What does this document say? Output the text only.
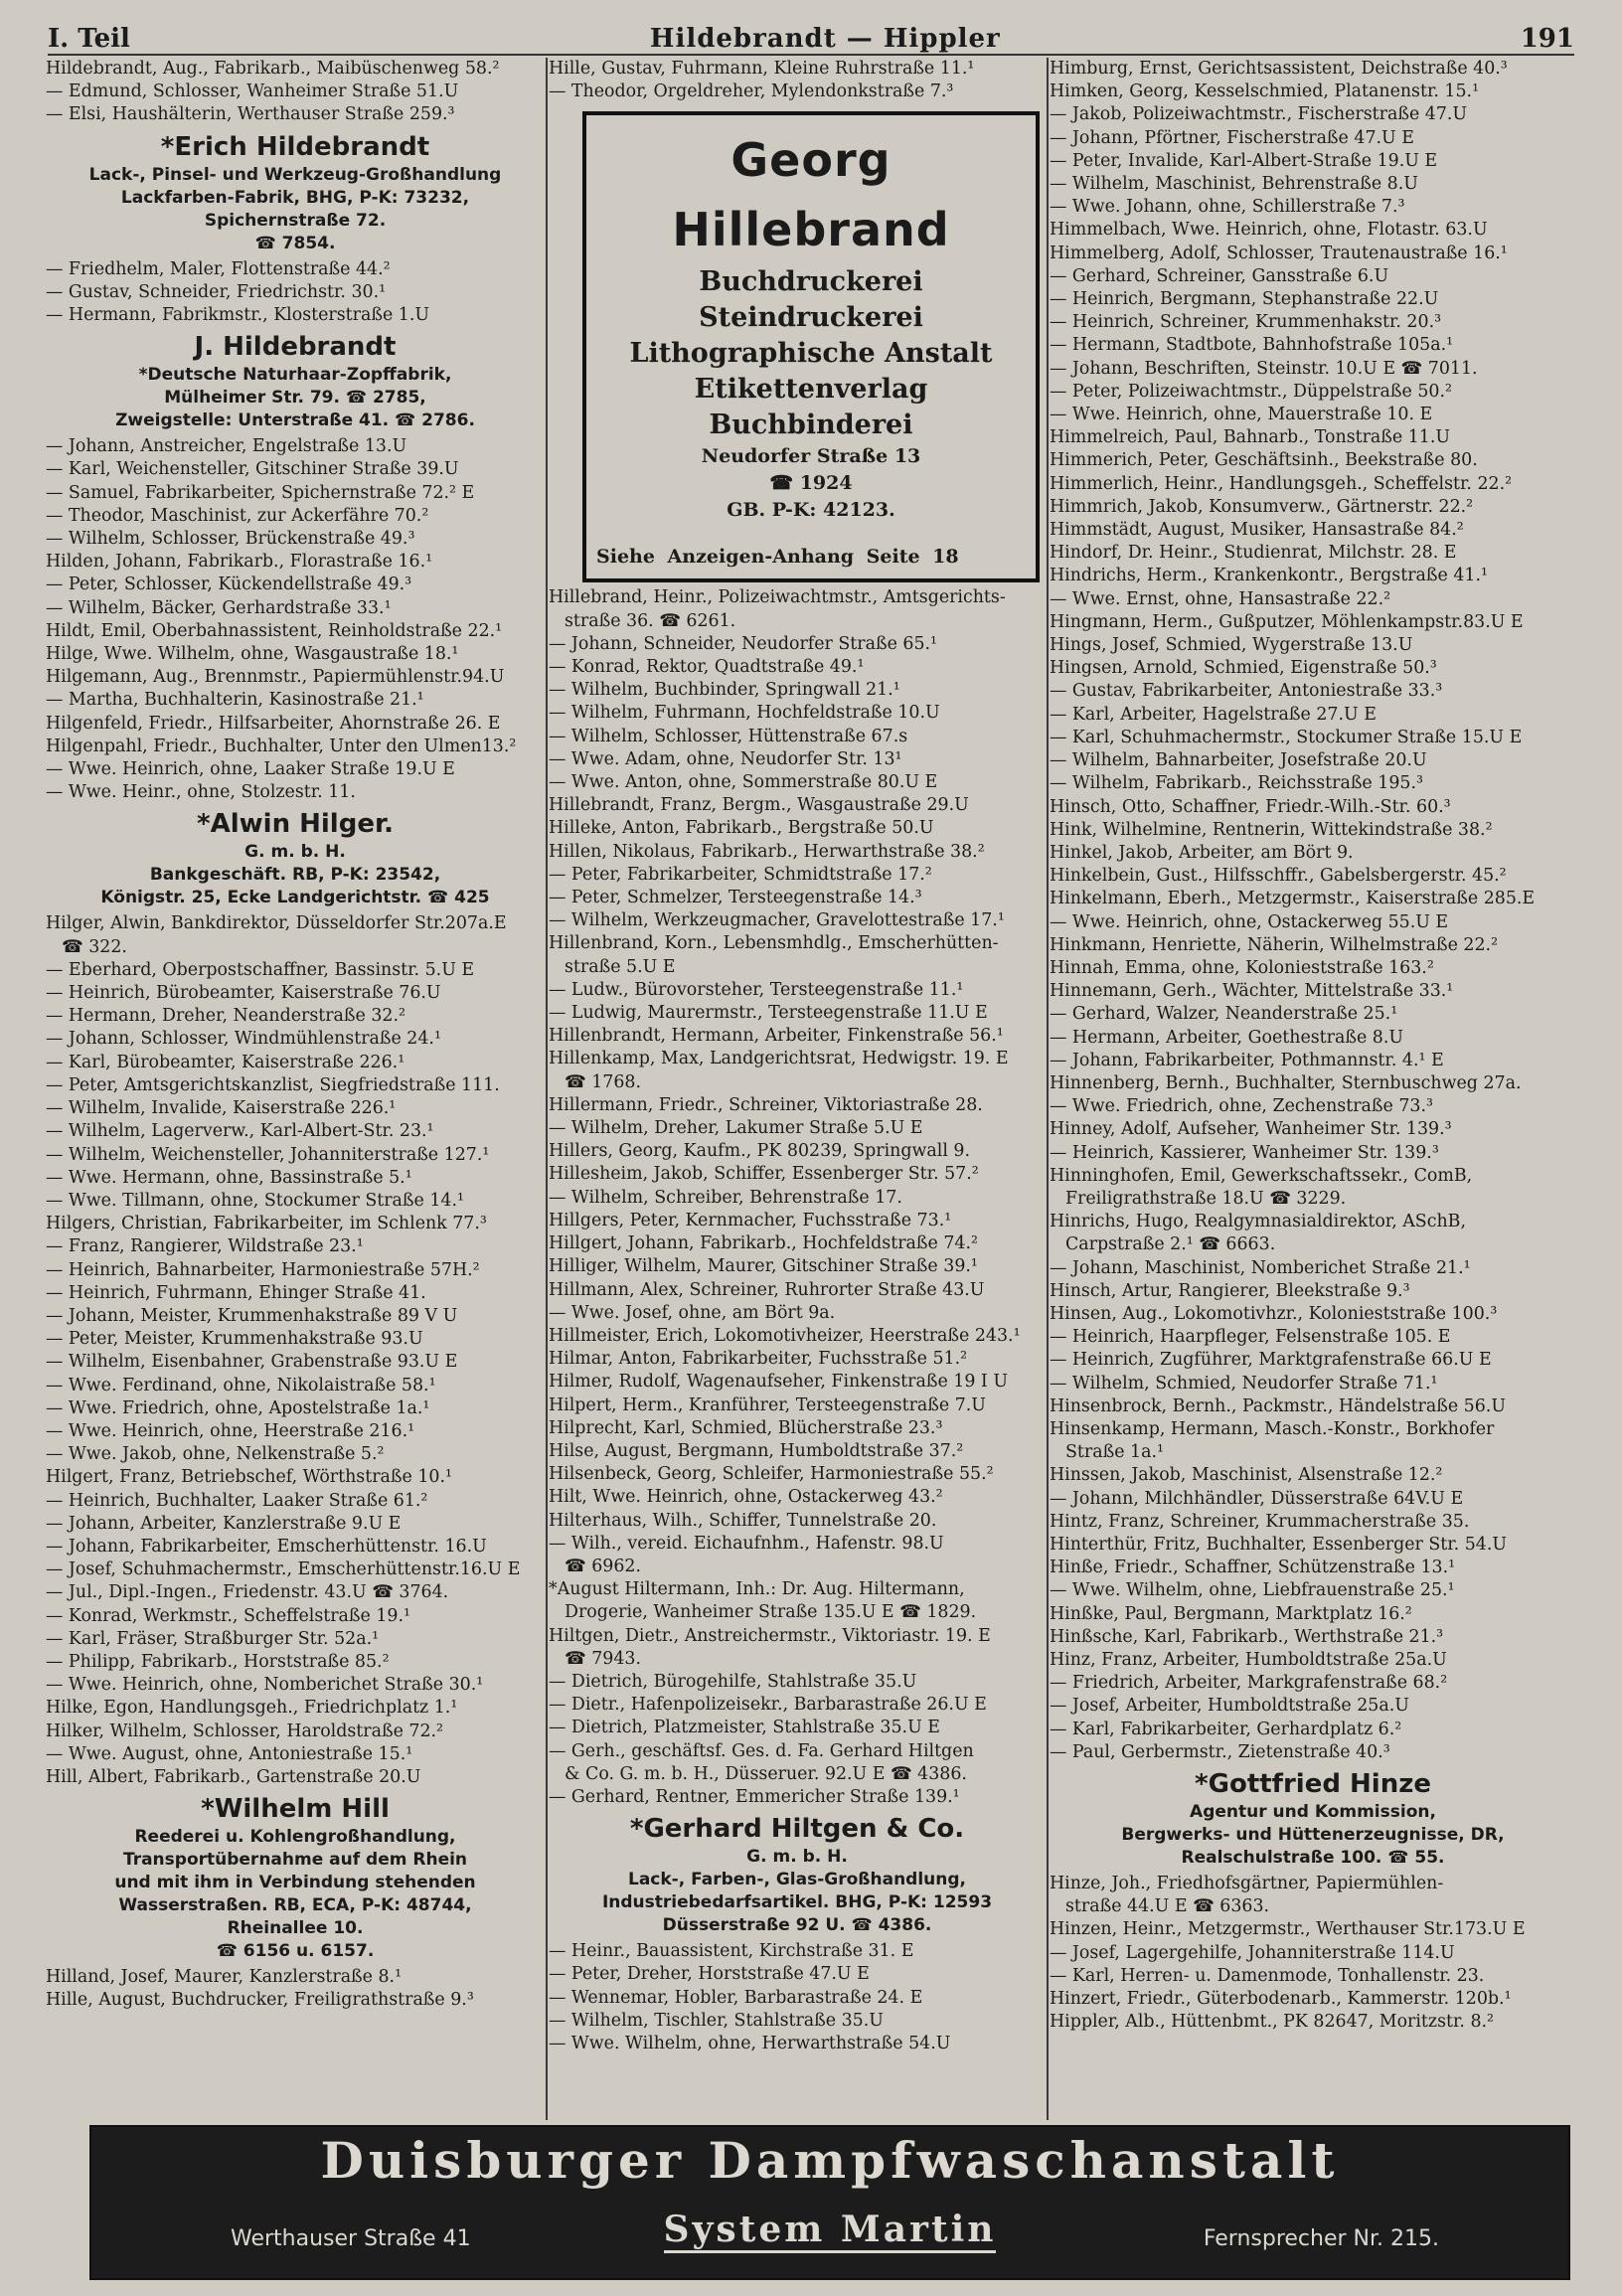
I. Teil	Hildebrandt — Hippler	191
Hildebrandt, Aug., Fabrikarb., Maibüschenweg 58.²
— Edmund, Schlosser, Wanheimer Straße 51.U
— Elsi, Haushälterin, Werthauser Straße 259.³
*Erich Hildebrandt
Lack-, Pinsel- und Werkzeug-Großhandlung
Lackfarben-Fabrik, BHG, P-K: 73232,
Spichernstraße 72.
☎ 7854.
— Friedhelm, Maler, Flottenstraße 44.²
— Gustav, Schneider, Friedrichstr. 30.¹
— Hermann, Fabrikmstr., Klosterstraße 1.U
J. Hildebrandt
*Deutsche Naturhaar-Zopffabrik,
Mülheimer Str. 79. ☎ 2785,
Zweigstelle: Unterstraße 41. ☎ 2786.
— Johann, Anstreicher, Engelstraße 13.U
— Karl, Weichensteller, Gitschiner Straße 39.U
— Samuel, Fabrikarbeiter, Spichernstraße 72.² E
— Theodor, Maschinist, zur Ackerfähre 70.²
— Wilhelm, Schlosser, Brückenstraße 49.³
Hilden, Johann, Fabrikarb., Florastraße 16.¹
— Peter, Schlosser, Kückendellstraße 49.³
— Wilhelm, Bäcker, Gerhardstraße 33.¹
Hildt, Emil, Oberbahnassistent, Reinholdstraße 22.¹
Hilge, Wwe. Wilhelm, ohne, Wasgaustraße 18.¹
Hilgemann, Aug., Brennmstr., Papiermühlenstr.94.U
— Martha, Buchhalterin, Kasinostraße 21.¹
Hilgenfeld, Friedr., Hilfsarbeiter, Ahornstraße 26. E
Hilgenpahl, Friedr., Buchhalter, Unter den Ulmen13.²
— Wwe. Heinrich, ohne, Laaker Straße 19.U E
— Wwe. Heinr., ohne, Stolzestr. 11.
*Alwin Hilger.
G. m. b. H.
Bankgeschäft. RB, P-K: 23542,
Königstr. 25, Ecke Landgerichtstr. ☎ 425
Hilger, Alwin, Bankdirektor, Düsseldorfer Str.207a.E
☎ 322.
— Eberhard, Oberpostschaffner, Bassinstr. 5.U E
— Heinrich, Bürobeamter, Kaiserstraße 76.U
— Hermann, Dreher, Neanderstraße 32.²
— Johann, Schlosser, Windmühlenstraße 24.¹
— Karl, Bürobeamter, Kaiserstraße 226.¹
— Peter, Amtsgerichtskanzlist, Siegfriedstraße 111.
— Wilhelm, Invalide, Kaiserstraße 226.¹
— Wilhelm, Lagerverw., Karl-Albert-Str. 23.¹
— Wilhelm, Weichensteller, Johanniterstraße 127.¹
— Wwe. Hermann, ohne, Bassinstraße 5.¹
— Wwe. Tillmann, ohne, Stockumer Straße 14.¹
Hilgers, Christian, Fabrikarbeiter, im Schlenk 77.³
— Franz, Rangierer, Wildstraße 23.¹
— Heinrich, Bahnarbeiter, Harmoniestraße 57H.²
— Heinrich, Fuhrmann, Ehinger Straße 41.
— Johann, Meister, Krummenhakstraße 89 V U
— Peter, Meister, Krummenhakstraße 93.U
— Wilhelm, Eisenbahner, Grabenstraße 93.U E
— Wwe. Ferdinand, ohne, Nikolaistraße 58.¹
— Wwe. Friedrich, ohne, Apostelstraße 1a.¹
— Wwe. Heinrich, ohne, Heerstraße 216.¹
— Wwe. Jakob, ohne, Nelkenstraße 5.²
Hilgert, Franz, Betriebschef, Wörthstraße 10.¹
— Heinrich, Buchhalter, Laaker Straße 61.²
— Johann, Arbeiter, Kanzlerstraße 9.U E
— Johann, Fabrikarbeiter, Emscherhüttenstr. 16.U
— Josef, Schuhmachermstr., Emscherhüttenstr.16.U E
— Jul., Dipl.-Ingen., Friedenstr. 43.U ☎ 3764.
— Konrad, Werkmstr., Scheffelstraße 19.¹
— Karl, Fräser, Straßburger Str. 52a.¹
— Philipp, Fabrikarb., Horststraße 85.²
— Wwe. Heinrich, ohne, Nomberichet Straße 30.¹
Hilke, Egon, Handlungsgeh., Friedrichplatz 1.¹
Hilker, Wilhelm, Schlosser, Haroldstraße 72.²
— Wwe. August, ohne, Antoniestraße 15.¹
Hill, Albert, Fabrikarb., Gartenstraße 20.U
*Wilhelm Hill
Reederei u. Kohlengroßhandlung,
Transportübernahme auf dem Rhein
und mit ihm in Verbindung stehenden
Wasserstraßen. RB, ECA, P-K: 48744,
Rheinallee 10.
☎ 6156 u. 6157.
Hilland, Josef, Maurer, Kanzlerstraße 8.¹
Hille, August, Buchdrucker, Freiligrathstraße 9.³
Hille, Gustav, Fuhrmann, Kleine Ruhrstraße 11.¹
— Theodor, Orgeldreher, Mylendonkstraße 7.³
Georg Hillebrand
Buchdruckerei
Steindruckerei
Lithographische Anstalt
Etikettenverlag
Buchbinderei
Neudorfer Straße 13
☎ 1924
GB. P-K: 42123.
Siehe Anzeigen-Anhang Seite 18
Hillebrand, Heinr., Polizeiwachtmstr., Amtsgerichts-
straße 36. ☎ 6261.
— Johann, Schneider, Neudorfer Straße 65.¹
— Konrad, Rektor, Quadtstraße 49.¹
— Wilhelm, Buchbinder, Springwall 21.¹
— Wilhelm, Fuhrmann, Hochfeldstraße 10.U
— Wilhelm, Schlosser, Hüttenstraße 67.s
— Wwe. Adam, ohne, Neudorfer Str. 13¹
— Wwe. Anton, ohne, Sommerstraße 80.U E
Hillebrandt, Franz, Bergm., Wasgaustraße 29.U
Hilleke, Anton, Fabrikarb., Bergstraße 50.U
Hillen, Nikolaus, Fabrikarb., Herwarthstraße 38.²
— Peter, Fabrikarbeiter, Schmidtstraße 17.²
— Peter, Schmelzer, Tersteegenstraße 14.³
— Wilhelm, Werkzeugmacher, Gravelottestraße 17.¹
Hillenbrand, Korn., Lebensmhdlg., Emscherhütten-
straße 5.U E
— Ludw., Bürovorsteher, Tersteegenstraße 11.¹
— Ludwig, Maurermstr., Tersteegenstraße 11.U E
Hillenbrandt, Hermann, Arbeiter, Finkenstraße 56.¹
Hillenkamp, Max, Landgerichtsrat, Hedwigstr. 19. E
☎ 1768.
Hillermann, Friedr., Schreiner, Viktoriastraße 28.
— Wilhelm, Dreher, Lakumer Straße 5.U E
Hillers, Georg, Kaufm., PK 80239, Springwall 9.
Hillesheim, Jakob, Schiffer, Essenberger Str. 57.²
— Wilhelm, Schreiber, Behrenstraße 17.
Hillgers, Peter, Kernmacher, Fuchsstraße 73.¹
Hillgert, Johann, Fabrikarb., Hochfeldstraße 74.²
Hilliger, Wilhelm, Maurer, Gitschiner Straße 39.¹
Hillmann, Alex, Schreiner, Ruhrorter Straße 43.U
— Wwe. Josef, ohne, am Bört 9a.
Hillmeister, Erich, Lokomotivheizer, Heerstraße 243.¹
Hilmar, Anton, Fabrikarbeiter, Fuchsstraße 51.²
Hilmer, Rudolf, Wagenaufseher, Finkenstraße 19 I U
Hilpert, Herm., Kranführer, Tersteegenstraße 7.U
Hilprecht, Karl, Schmied, Blücherstraße 23.³
Hilse, August, Bergmann, Humboldtstraße 37.²
Hilsenbeck, Georg, Schleifer, Harmoniestraße 55.²
Hilt, Wwe. Heinrich, ohne, Ostackerweg 43.²
Hilterhaus, Wilh., Schiffer, Tunnelstraße 20.
— Wilh., vereid. Eichaufnhm., Hafenstr. 98.U
☎ 6962.
*August Hiltermann, Inh.: Dr. Aug. Hiltermann,
Drogerie, Wanheimer Straße 135.U E ☎ 1829.
Hiltgen, Dietr., Anstreichermstr., Viktoriastr. 19. E
☎ 7943.
— Dietrich, Bürogehilfe, Stahlstraße 35.U
— Dietr., Hafenpolizeisekr., Barbarastraße 26.U E
— Dietrich, Platzmeister, Stahlstraße 35.U E
— Gerh., geschäftsf. Ges. d. Fa. Gerhard Hiltgen
& Co. G. m. b. H., Düsseruer. 92.U E ☎ 4386.
— Gerhard, Rentner, Emmericher Straße 139.¹
*Gerhard Hiltgen & Co.
G. m. b. H.
Lack-, Farben-, Glas-Großhandlung,
Industriebedarfsartikel. BHG, P-K: 12593
Düsserstraße 92 U. ☎ 4386.
— Heinr., Bauassistent, Kirchstraße 31. E
— Peter, Dreher, Horststraße 47.U E
— Wennemar, Hobler, Barbarastraße 24. E
— Wilhelm, Tischler, Stahlstraße 35.U
— Wwe. Wilhelm, ohne, Herwarthstraße 54.U
Himburg, Ernst, Gerichtsassistent, Deichstraße 40.³
Himken, Georg, Kesselschmied, Platanenstr. 15.¹
— Jakob, Polizeiwachtmstr., Fischerstraße 47.U
— Johann, Pförtner, Fischerstraße 47.U E
— Peter, Invalide, Karl-Albert-Straße 19.U E
— Wilhelm, Maschinist, Behrenstraße 8.U
— Wwe. Johann, ohne, Schillerstraße 7.³
Himmelbach, Wwe. Heinrich, ohne, Flotastr. 63.U
Himmelberg, Adolf, Schlosser, Trautenaustraße 16.¹
— Gerhard, Schreiner, Gansstraße 6.U
— Heinrich, Bergmann, Stephanstraße 22.U
— Heinrich, Schreiner, Krummenhakstr. 20.³
— Hermann, Stadtbote, Bahnhofstraße 105a.¹
— Johann, Beschriften, Steinstr. 10.U E ☎ 7011.
— Peter, Polizeiwachtmstr., Düppelstraße 50.²
— Wwe. Heinrich, ohne, Mauerstraße 10. E
Himmelreich, Paul, Bahnarb., Tonstraße 11.U
Himmerich, Peter, Geschäftsinh., Beekstraße 80.
Himmerlich, Heinr., Handlungsgeh., Scheffelstr. 22.²
Himmrich, Jakob, Konsumverw., Gärtnerstr. 22.²
Himmstädt, August, Musiker, Hansastraße 84.²
Hindorf, Dr. Heinr., Studienrat, Milchstr. 28. E
Hindrichs, Herm., Krankenkontr., Bergstraße 41.¹
— Wwe. Ernst, ohne, Hansastraße 22.²
Hingmann, Herm., Gußputzer, Möhlenkampstr.83.U E
Hings, Josef, Schmied, Wygerstraße 13.U
Hingsen, Arnold, Schmied, Eigenstraße 50.³
— Gustav, Fabrikarbeiter, Antoniestraße 33.³
— Karl, Arbeiter, Hagelstraße 27.U E
— Karl, Schuhmachermstr., Stockumer Straße 15.U E
— Wilhelm, Bahnarbeiter, Josefstraße 20.U
— Wilhelm, Fabrikarb., Reichsstraße 195.³
Hinsch, Otto, Schaffner, Friedr.-Wilh.-Str. 60.³
Hink, Wilhelmine, Rentnerin, Wittekindstraße 38.²
Hinkel, Jakob, Arbeiter, am Bört 9.
Hinkelbein, Gust., Hilfsschffr., Gabelsbergerstr. 45.²
Hinkelmann, Eberh., Metzgermstr., Kaiserstraße 285.E
— Wwe. Heinrich, ohne, Ostackerweg 55.U E
Hinkmann, Henriette, Näherin, Wilhelmstraße 22.²
Hinnah, Emma, ohne, Kolonieststraße 163.²
Hinnemann, Gerh., Wächter, Mittelstraße 33.¹
— Gerhard, Walzer, Neanderstraße 25.¹
— Hermann, Arbeiter, Goethestraße 8.U
— Johann, Fabrikarbeiter, Pothmannstr. 4.¹ E
Hinnenberg, Bernh., Buchhalter, Sternbuschweg 27a.
— Wwe. Friedrich, ohne, Zechenstraße 73.³
Hinney, Adolf, Aufseher, Wanheimer Str. 139.³
— Heinrich, Kassierer, Wanheimer Str. 139.³
Hinninghofen, Emil, Gewerkschaftssekr., ComB,
Freiligrathstraße 18.U ☎ 3229.
Hinrichs, Hugo, Realgymnasialdirektor, ASchB,
Carpstraße 2.¹ ☎ 6663.
— Johann, Maschinist, Nomberichet Straße 21.¹
Hinsch, Artur, Rangierer, Bleekstraße 9.³
Hinsen, Aug., Lokomotivhzr., Kolonieststraße 100.³
— Heinrich, Haarpfleger, Felsenstraße 105. E
— Heinrich, Zugführer, Marktgrafenstraße 66.U E
— Wilhelm, Schmied, Neudorfer Straße 71.¹
Hinsenbrock, Bernh., Packmstr., Händelstraße 56.U
Hinsenkamp, Hermann, Masch.-Konstr., Borkhofer
Straße 1a.¹
Hinssen, Jakob, Maschinist, Alsenstraße 12.²
— Johann, Milchhändler, Düsserstraße 64V.U E
Hintz, Franz, Schreiner, Krummacherstraße 35.
Hinterthür, Fritz, Buchhalter, Essenberger Str. 54.U
Hinße, Friedr., Schaffner, Schützenstraße 13.¹
— Wwe. Wilhelm, ohne, Liebfrauenstraße 25.¹
Hinßke, Paul, Bergmann, Marktplatz 16.²
Hinßsche, Karl, Fabrikarb., Werthstraße 21.³
Hinz, Franz, Arbeiter, Humboldtstraße 25a.U
— Friedrich, Arbeiter, Markgrafenstraße 68.²
— Josef, Arbeiter, Humboldtstraße 25a.U
— Karl, Fabrikarbeiter, Gerhardplatz 6.²
— Paul, Gerbermstr., Zietenstraße 40.³
*Gottfried Hinze
Agentur und Kommission,
Bergwerks- und Hüttenerzeugnisse, DR,
Realschulstraße 100. ☎ 55.
Hinze, Joh., Friedhofsgärtner, Papiermühlen-
straße 44.U E ☎ 6363.
Hinzen, Heinr., Metzgermstr., Werthauser Str.173.U E
— Josef, Lagergehilfe, Johanniterstraße 114.U
— Karl, Herren- u. Damenmode, Tonhallenstr. 23.
Hinzert, Friedr., Güterbodenarb., Kammerstr. 120b.¹
Hippler, Alb., Hüttenbmt., PK 82647, Moritzstr. 8.²
Duisburger Dampfwaschanstalt
System Martin
Werthauser Straße 41	Fernsprecher Nr. 215.
